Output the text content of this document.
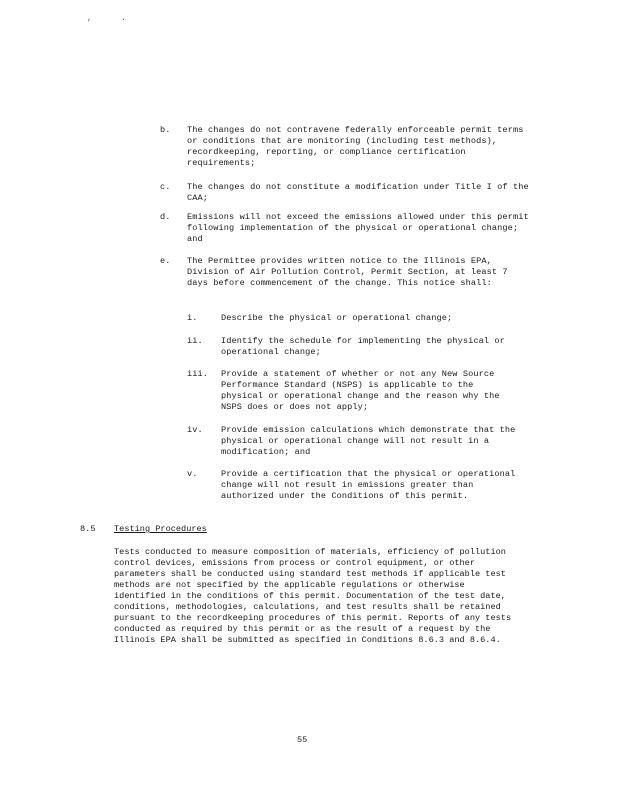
,	.
b. The changes do not contravene federally enforceable permit terms or conditions that are monitoring (including test methods), recordkeeping, reporting, or compliance certification requirements;
c. The changes do not constitute a modification under Title I of the CAA;
d. Emissions will not exceed the emissions allowed under this permit following implementation of the physical or operational change; and
e. The Permittee provides written notice to the Illinois EPA, Division of Air Pollution Control, Permit Section, at least 7 days before commencement of the change. This notice shall:
i.	Describe the physical or operational change;
ii. Identify the schedule for implementing the physical or operational change;
iii. Provide a statement of whether or not any New Source Performance Standard (NSPS) is applicable to the physical or operational change and the reason why the NSPS does or does not apply;
iv. Provide emission calculations which demonstrate that the physical or operational change will not result in a modification; and
v.	Provide a certification that the physical or operational change will not result in emissions greater than authorized under the Conditions of this permit.
8.5 Testing Procedures
Tests conducted to measure composition of materials, efficiency of pollution control devices, emissions from process or control equipment, or other parameters shall be conducted using standard test methods if applicable test methods are not specified by the applicable regulations or otherwise identified in the conditions of this permit. Documentation of the test date, conditions, methodologies, calculations, and test results shall be retained pursuant to the recordkeeping procedures of this permit. Reports of any tests conducted as required by this permit or as the result of a request by the Illinois EPA shall be submitted as specified in Conditions 8.6.3 and 8.6.4.
55
